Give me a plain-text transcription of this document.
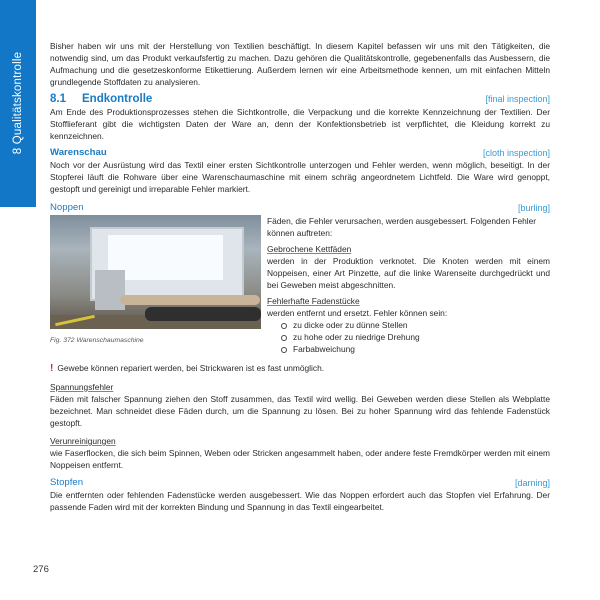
8 Qualitätskontrolle

Bisher haben wir uns mit der Herstellung von Textilien beschäftigt. In diesem Kapitel befassen wir uns mit den Tätigkeiten, die notwendig sind, um das Produkt verkaufsfertig zu machen. Dazu gehören die Qualitätskontrolle, gegebenenfalls das Ausbessern, die Aufmachung und die gesetzeskonforme Etikettierung. Außerdem lernen wir eine Arbeitsmethode kennen, um mit einfachen Mitteln grundlegende Stoffdaten zu analysieren.

8.1 Endkontrolle	[final inspection]

Am Ende des Produktionsprozesses stehen die Sichtkontrolle, die Verpackung und die korrekte Kennzeichnung der Textilien. Der Stofflieferant gibt die wichtigsten Daten der Ware an, denn der Konfektionsbetrieb ist verpflichtet, die Kleidung korrekt zu kennzeichnen.

Warenschau	[cloth inspection]

Noch vor der Ausrüstung wird das Textil einer ersten Sichtkontrolle unterzogen und Fehler werden, wenn möglich, beseitigt. In der Stopferei läuft die Rohware über eine Warenschaumaschine mit einem schräg angeordnetem Lichtfeld. Die Ware wird genoppt, gestopft und gereinigt und irreparable Fehler markiert.

Noppen	[burling]
Fig. 372 Warenschaumaschine

Fäden, die Fehler verursachen, werden ausgebessert. Folgenden Fehler können auftreten:

Gebrochene Kettfäden

werden in der Produktion verknotet. Die Knoten werden mit einem Noppeisen, einer Art Pinzette, auf die linke Warenseite durchgedrückt und bei Geweben meist abgeschnitten.

Fehlerhafte Fadenstücke

werden entfernt und ersetzt. Fehler können sein:

zu dicke oder zu dünne Stellen
zu hohe oder zu niedrige Drehung
Farbabweichung

! Gewebe können repariert werden, bei Strickwaren ist es fast unmöglich.

Spannungsfehler

Fäden mit falscher Spannung ziehen den Stoff zusammen, das Textil wird wellig. Bei Geweben werden diese Stellen als Webplatte bezeichnet. Man schneidet diese Fäden durch, um die Spannung zu lösen. Bei zu hoher Spannung wird das fehlende Fadenstück gestopft.

Verunreinigungen

wie Faserflocken, die sich beim Spinnen, Weben oder Stricken angesammelt haben, oder andere feste Fremdkörper werden mit einem Noppeisen entfernt.

Stopfen	[darning]

Die entfernten oder fehlenden Fadenstücke werden ausgebessert. Wie das Noppen erfordert auch das Stopfen viel Erfahrung. Der passende Faden wird mit der korrekten Bindung und Spannung in das Textil eingearbeitet.

276
